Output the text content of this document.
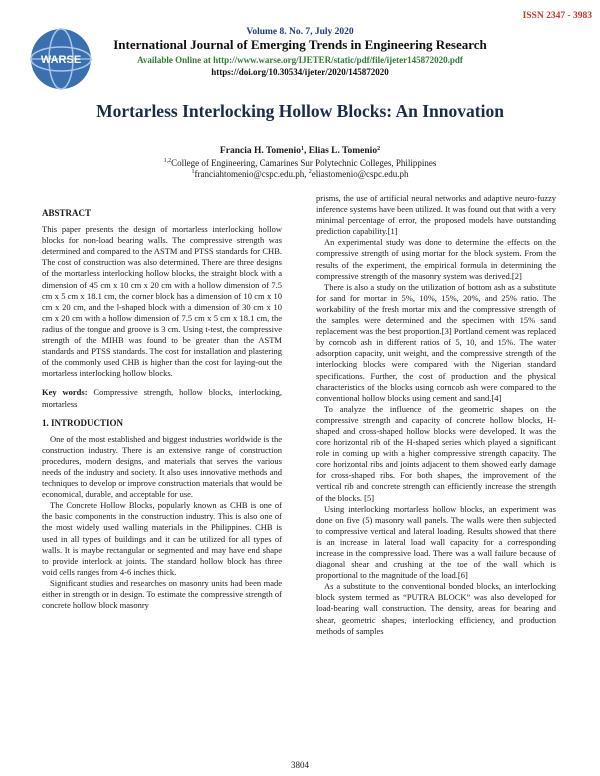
ISSN 2347 - 3983
WARSE
Volume 8. No. 7, July 2020
International Journal of Emerging Trends in Engineering Research
Available Online at http://www.warse.org/IJETER/static/pdf/file/ijeter145872020.pdf
https://doi.org/10.30534/ijeter/2020/145872020
Mortarless Interlocking Hollow Blocks: An Innovation
Francia H. Tomenio$^1$, Elias L. Tomenio$^2$
$^{1,2}$College of Engineering, Camarines Sur Polytechnic Colleges, Philippines
$^1$franciahtomenio@cspc.edu.ph, $^2$eliastomenio@cspc.edu.ph

ABSTRACT

This paper presents the design of mortarless interlocking hollow blocks for non-load bearing walls. The compressive strength was determined and compared to the ASTM and PTSS standards for CHB. The cost of construction was also determined. There are three designs of the mortarless interlocking hollow blocks, the straight block with a dimension of 45 cm x 10 cm x 20 cm with a hollow dimension of 7.5 cm x 5 cm x 18.1 cm, the corner block has a dimension of 10 cm x 10 cm x 20 cm, and the l-shaped block with a dimension of 30 cm x 10 cm x 20 cm with a hollow dimension of 7.5 cm x 5 cm x 18.1 cm, the radius of the tongue and groove is 3 cm. Using t-test, the compressive strength of the MIHB was found to be greater than the ASTM standards and PTSS standards. The cost for installation and plastering of the commonly used CHB is higher than the cost for laying-out the mortarless interlocking hollow blocks.

Key words: Compressive strength, hollow blocks, interlocking, mortarless

1. INTRODUCTION

One of the most established and biggest industries worldwide is the construction industry. There is an extensive range of construction procedures, modern designs, and materials that serves the various needs of the industry and society. It also uses innovative methods and techniques to develop or improve construction materials that would be economical, durable, and acceptable for use.

The Concrete Hollow Blocks, popularly known as CHB is one of the basic components in the construction industry. This is also one of the most widely used walling materials in the Philippines. CHB is used in all types of buildings and it can be utilized for all types of walls. It is maybe rectangular or segmented and may have end shape to provide interlock at joints. The standard hollow block has three void cells ranges from 4-6 inches thick.

Significant studies and researches on masonry units had been made either in strength or in design. To estimate the compressive strength of concrete hollow block masonry

prisms, the use of artificial neural networks and adaptive neuro-fuzzy inference systems have been utilized. It was found out that with a very minimal percentage of error, the proposed models have outstanding prediction capability.[1]

An experimental study was done to determine the effects on the compressive strength of using mortar for the block system. From the results of the experiment, the empirical formula in determining the compressive strength of the masonry system was derived.[2]

There is also a study on the utilization of bottom ash as a substitute for sand for mortar in 5%, 10%, 15%, 20%, and 25% ratio. The workability of the fresh mortar mix and the compressive strength of the samples were determined and the specimen with 15% sand replacement was the best proportion.[3] Portland cement was replaced by corncob ash in different ratios of 5, 10, and 15%. The water adsorption capacity, unit weight, and the compressive strength of the interlocking blocks were compared with the Nigerian standard specifications. Further, the cost of production and the physical characteristics of the blocks using corncob ash were compared to the conventional hollow blocks using cement and sand.[4]

To analyze the influence of the geometric shapes on the compressive strength and capacity of concrete hollow blocks, H-shaped and cross-shaped hollow blocks were developed. It was the core horizontal rib of the H-shaped series which played a significant role in coming up with a higher compressive strength capacity. The core horizontal ribs and joints adjacent to them showed early damage for cross-shaped ribs. For both shapes, the improvement of the vertical rib and concrete strength can efficiently increase the strength of the blocks. [5]

Using interlocking mortarless hollow blocks, an experiment was done on five (5) masonry wall panels. The walls were then subjected to compressive vertical and lateral loading. Results showed that there is an increase in lateral load wall capacity for a corresponding increase in the compressive load. There was a wall failure because of diagonal shear and crushing at the toe of the wall which is proportional to the magnitude of the load.[6]

As a substitute to the conventional bonded blocks, an interlocking block system termed as “PUTRA BLOCK” was also developed for load-bearing wall construction. The density, areas for bearing and shear, geometric shapes, interlocking efficiency, and production methods of samples

3804
